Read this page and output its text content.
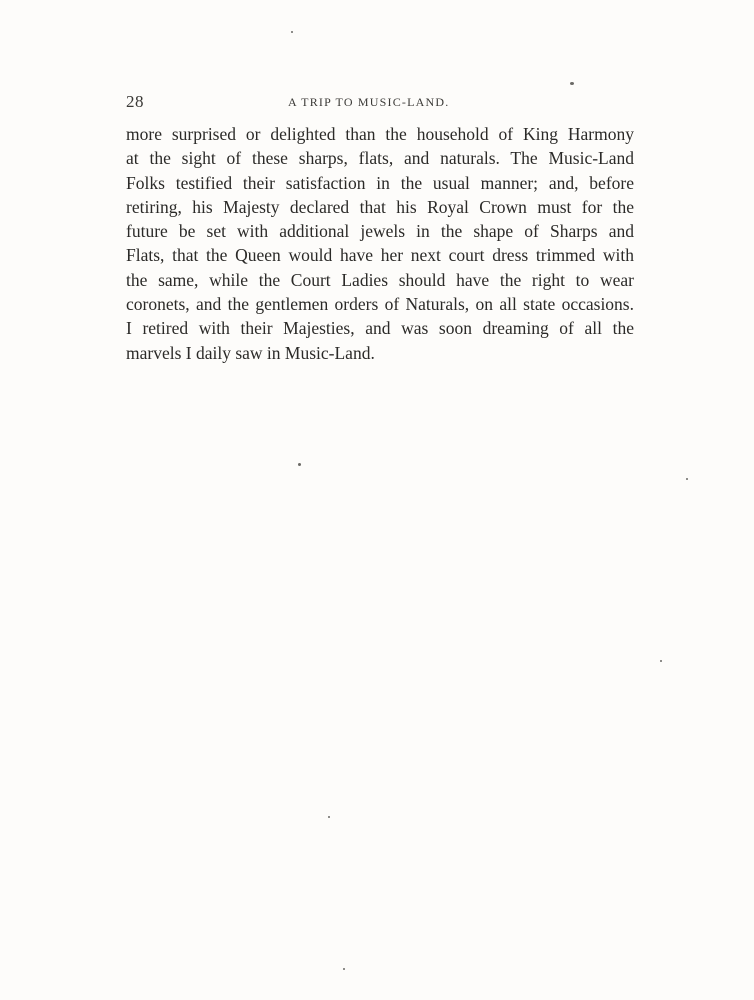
28	A TRIP TO MUSIC-LAND.

more surprised or delighted than the household of King Harmony
at the sight of these sharps, flats, and naturals. The Music-Land
Folks testified their satisfaction in the usual manner; and, before
retiring, his Majesty declared that his Royal Crown must for the
future be set with additional jewels in the shape of Sharps and
Flats, that the Queen would have her next court dress trimmed with
the same, while the Court Ladies should have the right to wear
coronets, and the gentlemen orders of Naturals, on all state occasions.
I retired with their Majesties, and was soon dreaming of all the
marvels I daily saw in Music-Land.
